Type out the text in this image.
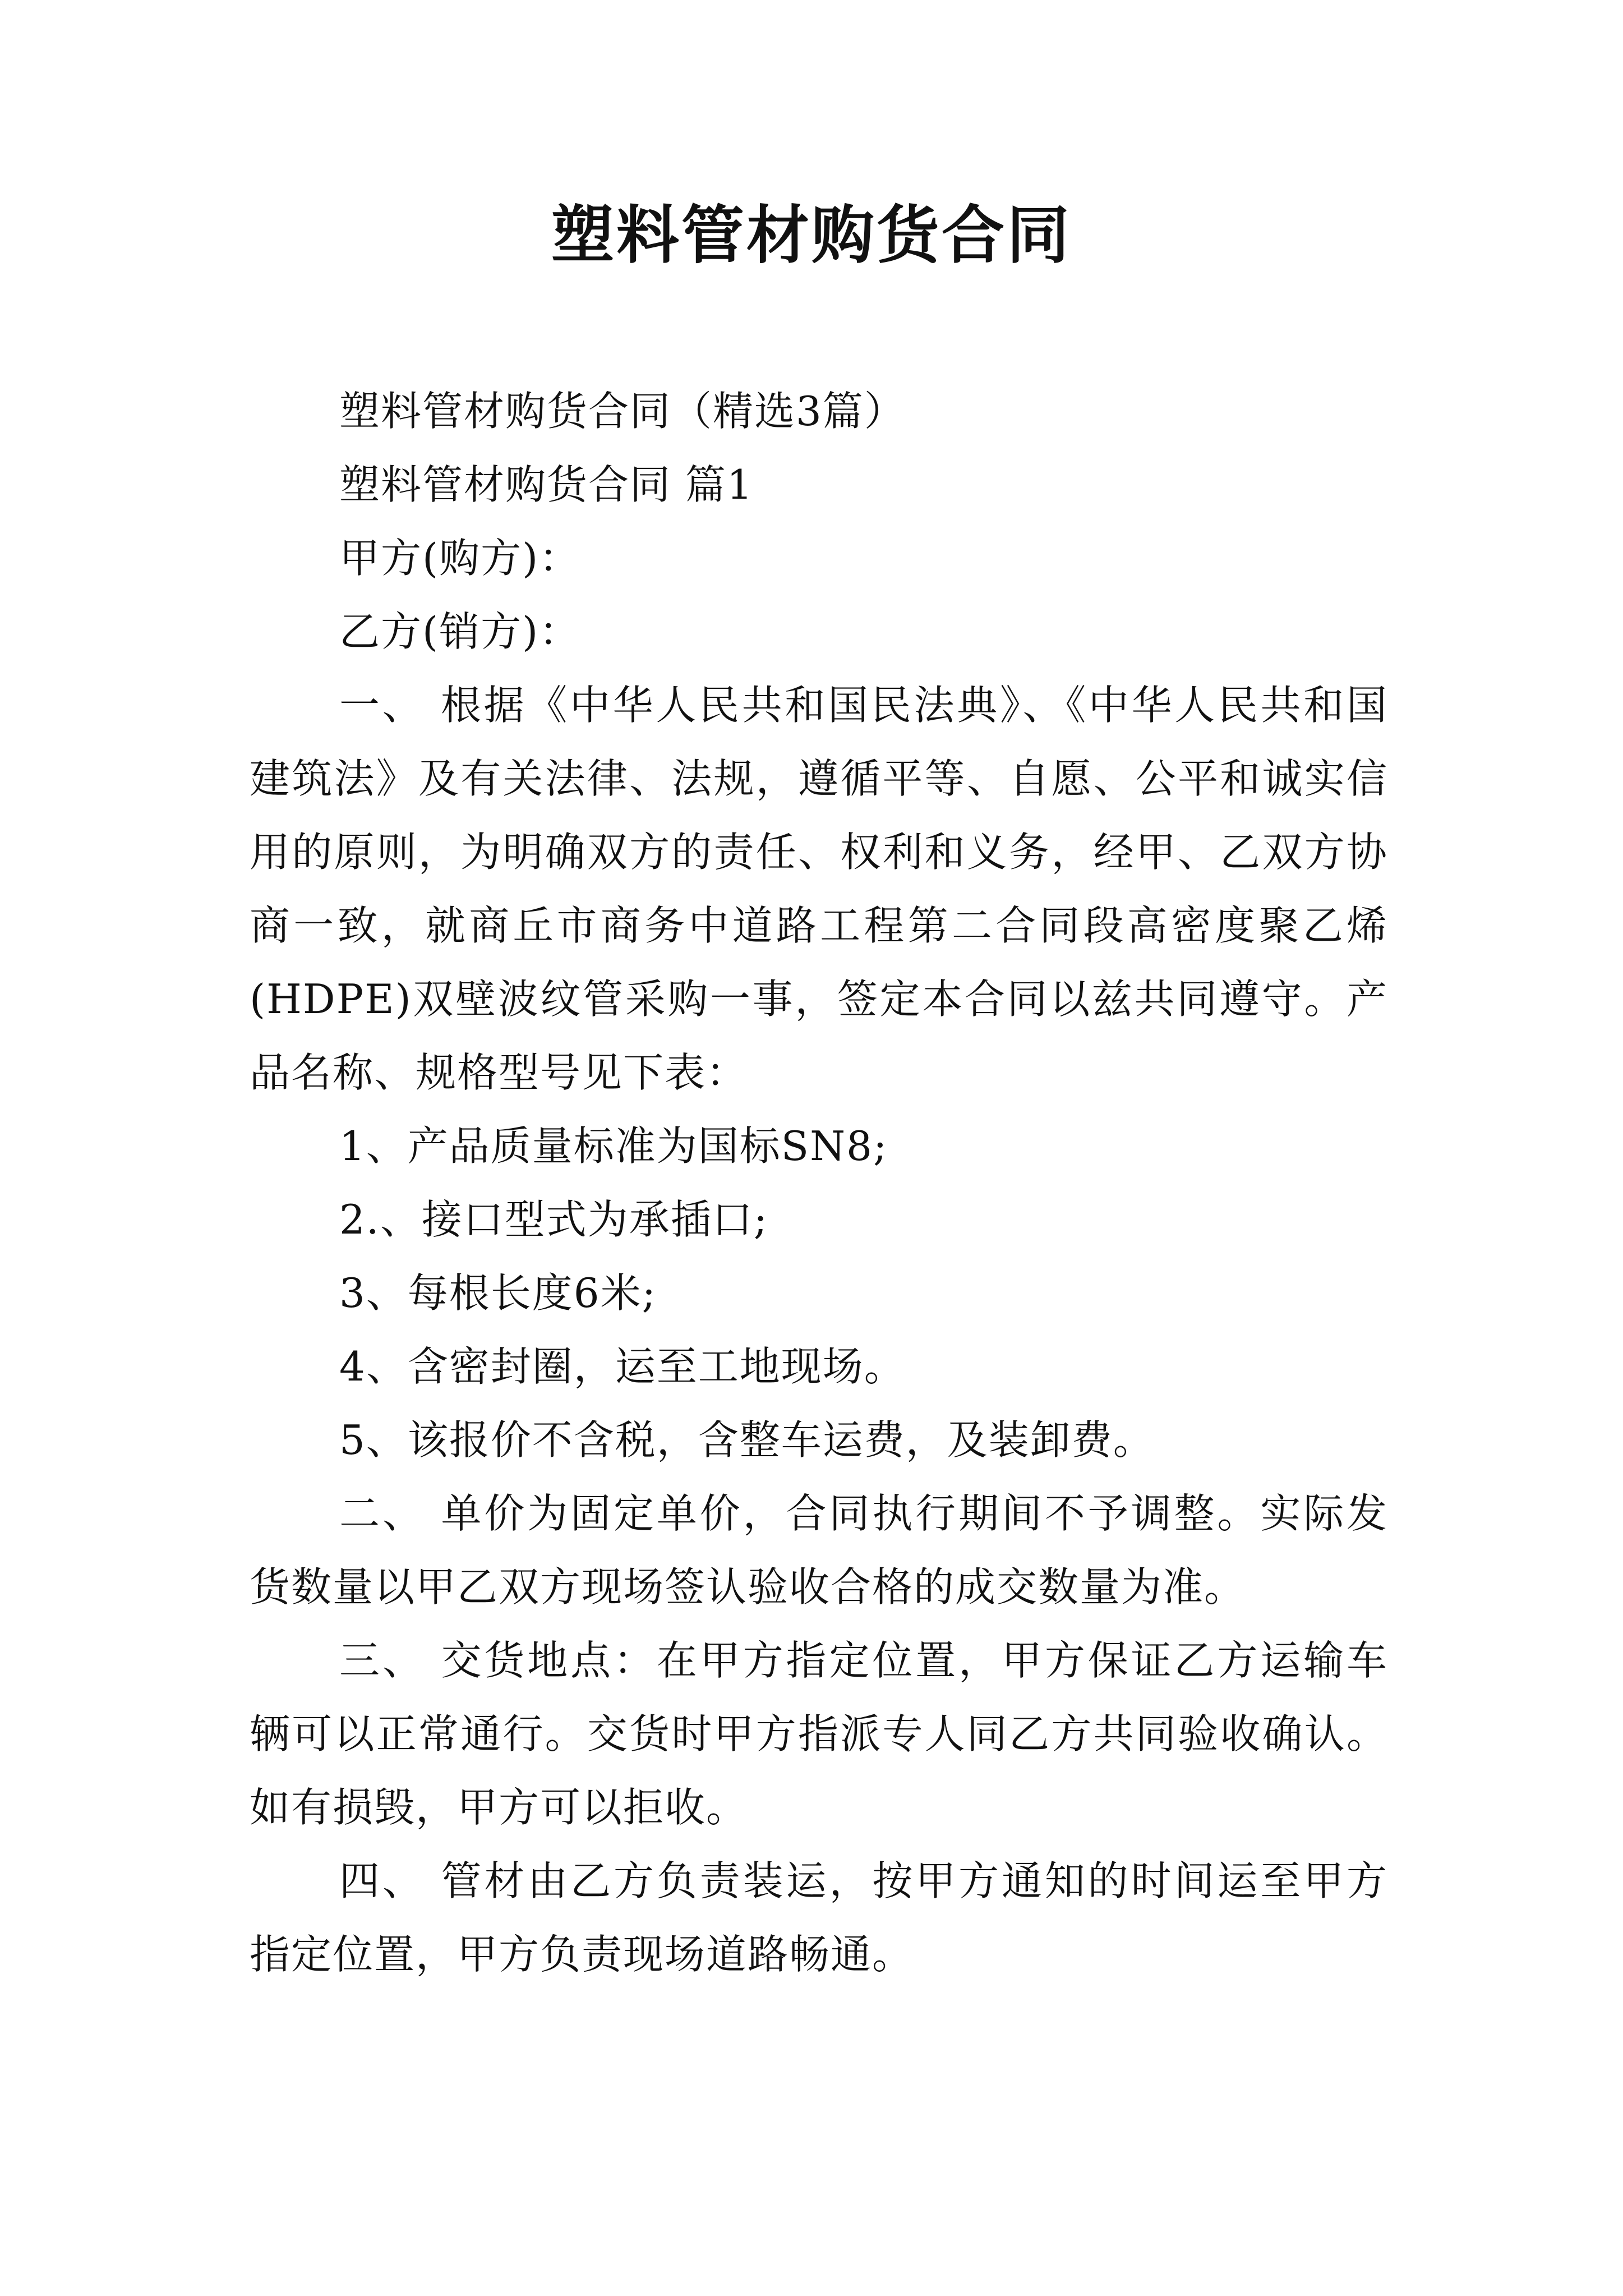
塑料管材购货合同

塑料管材购货合同（精选3篇）

塑料管材购货合同 篇1

甲方(购方)：

乙方(销方)：

一、 根据《中华人民共和国民法典》、《中华人民共和国建筑法》及有关法律、法规，遵循平等、自愿、公平和诚实信用的原则，为明确双方的责任、权利和义务，经甲、乙双方协商一致，就商丘市商务中道路工程第二合同段高密度聚乙烯(HDPE)双壁波纹管采购一事，签定本合同以兹共同遵守。产品名称、规格型号见下表：

1、产品质量标准为国标SN8;

2.、接口型式为承插口;

3、每根长度6米;

4、含密封圈，运至工地现场。

5、该报价不含税，含整车运费，及装卸费。

二、 单价为固定单价，合同执行期间不予调整。实际发货数量以甲乙双方现场签认验收合格的成交数量为准。

三、 交货地点：在甲方指定位置，甲方保证乙方运输车辆可以正常通行。交货时甲方指派专人同乙方共同验收确认。如有损毁，甲方可以拒收。

四、 管材由乙方负责装运，按甲方通知的时间运至甲方指定位置，甲方负责现场道路畅通。
